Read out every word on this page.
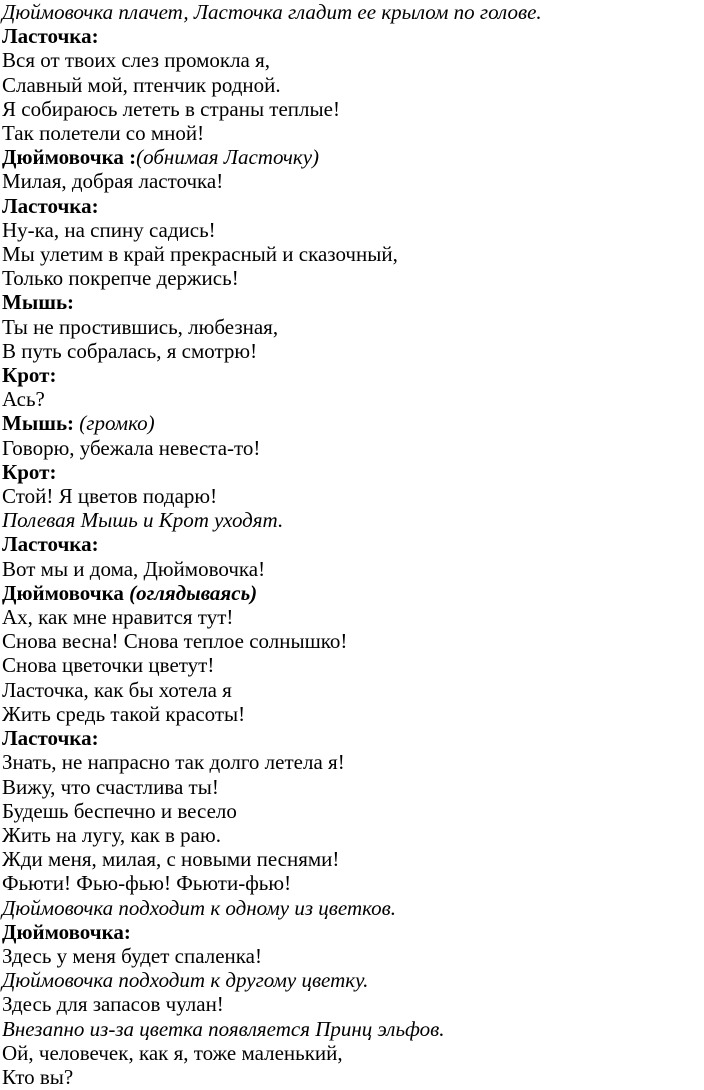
Дюймовочка плачет, Ласточка гладит ее крылом по голове.
Ласточка:
Вся от твоих слез промокла я,
Славный мой, птенчик родной.
Я собираюсь лететь в страны теплые!
Так полетели со мной!
Дюймовочка :(обнимая Ласточку)
Милая, добрая ласточка!
Ласточка:
Ну-ка, на спину садись!
Мы улетим в край прекрасный и сказочный,
Только покрепче держись!
Мышь:
Ты не простившись, любезная,
В путь собралась, я смотрю!
Крот:
Ась?
Мышь: (громко)
Говорю, убежала невеста-то!
Крот:
Стой! Я цветов подарю!
Полевая Мышь и Крот уходят.
Ласточка:
Вот мы и дома, Дюймовочка!
Дюймовочка (оглядываясь)
Ах, как мне нравится тут!
Снова весна! Снова теплое солнышко!
Снова цветочки цветут!
Ласточка, как бы хотела я
Жить средь такой красоты!
Ласточка:
Знать, не напрасно так долго летела я!
Вижу, что счастлива ты!
Будешь беспечно и весело
Жить на лугу, как в раю.
Жди меня, милая, с новыми песнями!
Фьюти! Фью-фью! Фьюти-фью!
Дюймовочка подходит к одному из цветков.
Дюймовочка:
Здесь у меня будет спаленка!
Дюймовочка подходит к другому цветку.
Здесь для запасов чулан!
Внезапно из-за цветка появляется Принц эльфов.
Ой, человечек, как я, тоже маленький,
Кто вы?
